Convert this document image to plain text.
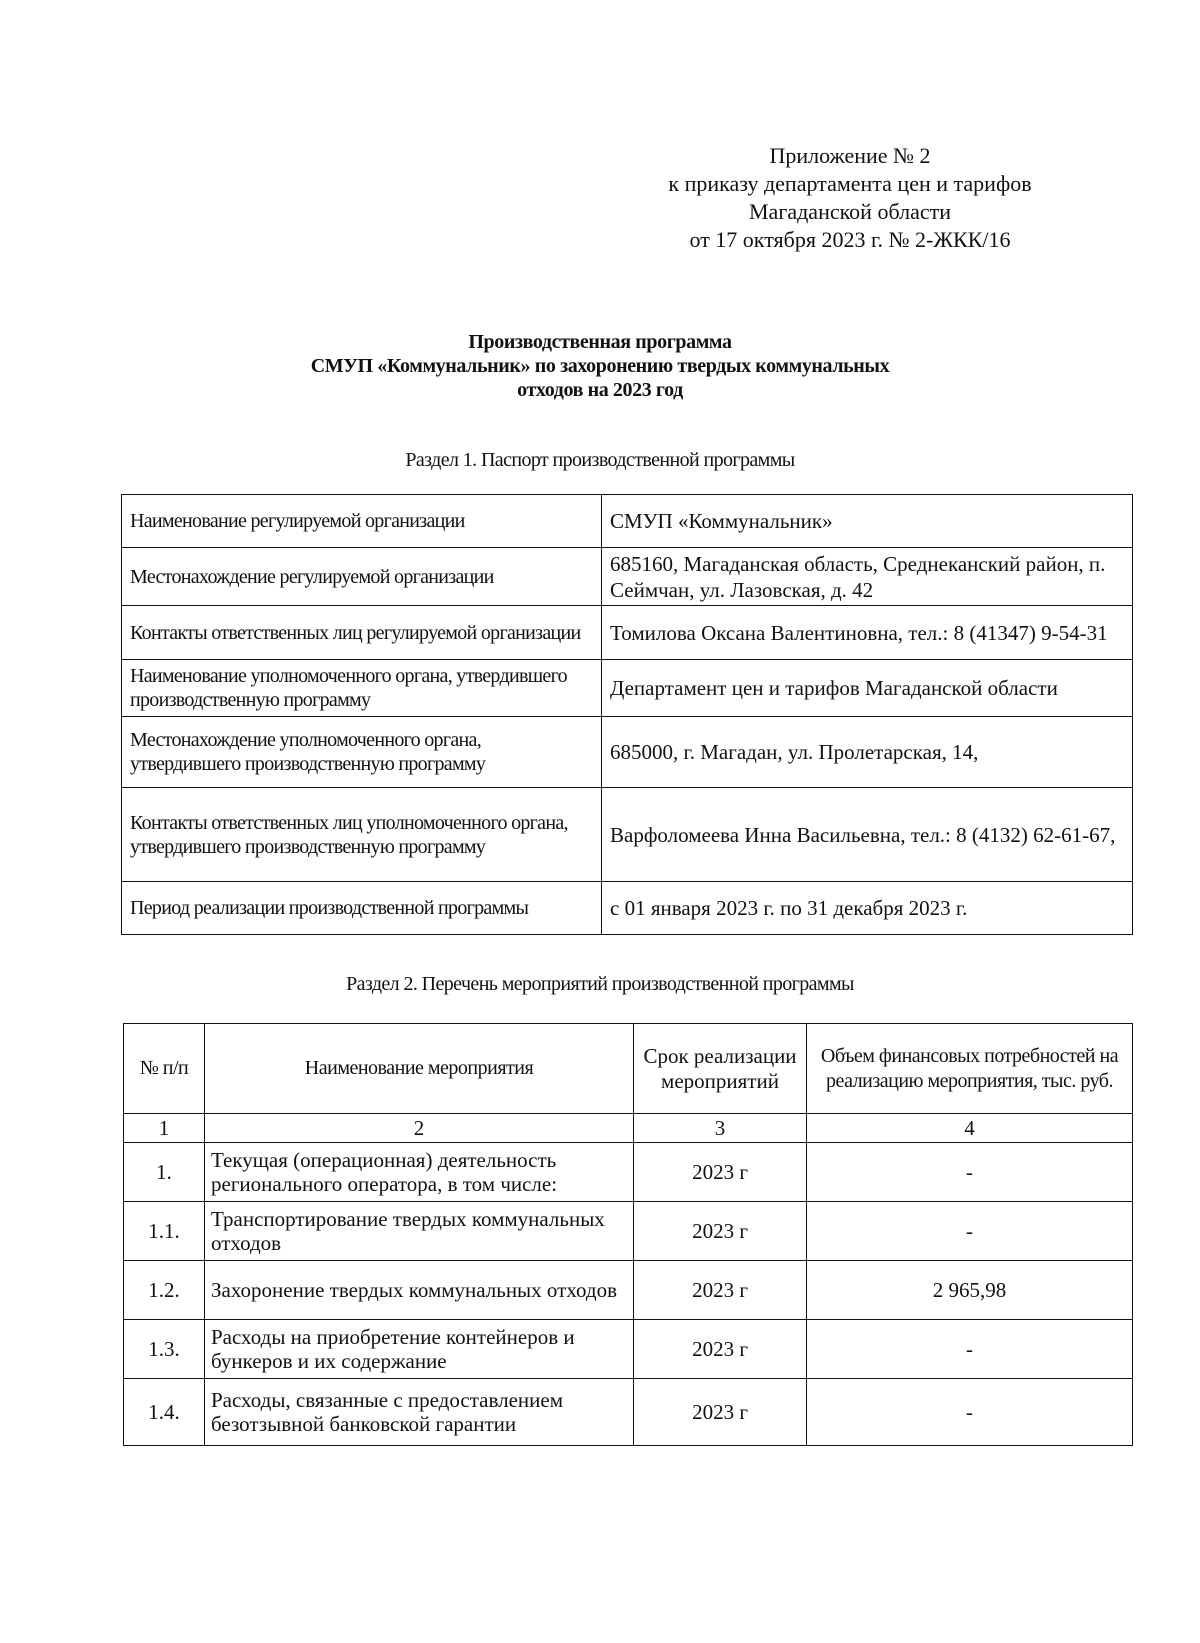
Приложение № 2
к приказу департамента цен и тарифов
Магаданской области
от 17 октября 2023 г. № 2-ЖКК/16
Производственная программа
СМУП «Коммунальник» по захоронению твердых коммунальных
отходов на 2023 год
Раздел 1. Паспорт производственной программы
Наименование регулируемой организации	СМУП «Коммунальник»
Местонахождение регулируемой организации	685160, Магаданская область, Среднеканский район, п. Сеймчан, ул. Лазовская, д. 42
Контакты ответственных лиц регулируемой организации	Томилова Оксана Валентиновна, тел.: 8 (41347) 9-54-31
Наименование уполномоченного органа, утвердившего производственную программу	Департамент цен и тарифов Магаданской области
Местонахождение уполномоченного органа, утвердившего производственную программу	685000, г. Магадан, ул. Пролетарская, 14,
Контакты ответственных лиц уполномоченного органа, утвердившего производственную программу	Варфоломеева Инна Васильевна, тел.: 8 (4132) 62-61-67,
Период реализации производственной программы	с 01 января 2023 г. по 31 декабря 2023 г.
Раздел 2. Перечень мероприятий производственной программы
№ п/п	Наименование мероприятия	Срок реализации мероприятий	Объем финансовых потребностей на реализацию мероприятия, тыс. руб.
1	2	3	4
1.	Текущая (операционная) деятельность регионального оператора, в том числе:	2023 г	-
1.1.	Транспортирование твердых коммунальных отходов	2023 г	-
1.2.	Захоронение твердых коммунальных отходов	2023 г	2 965,98
1.3.	Расходы на приобретение контейнеров и бункеров и их содержание	2023 г	-
1.4.	Расходы, связанные с предоставлением безотзывной банковской гарантии	2023 г	-
